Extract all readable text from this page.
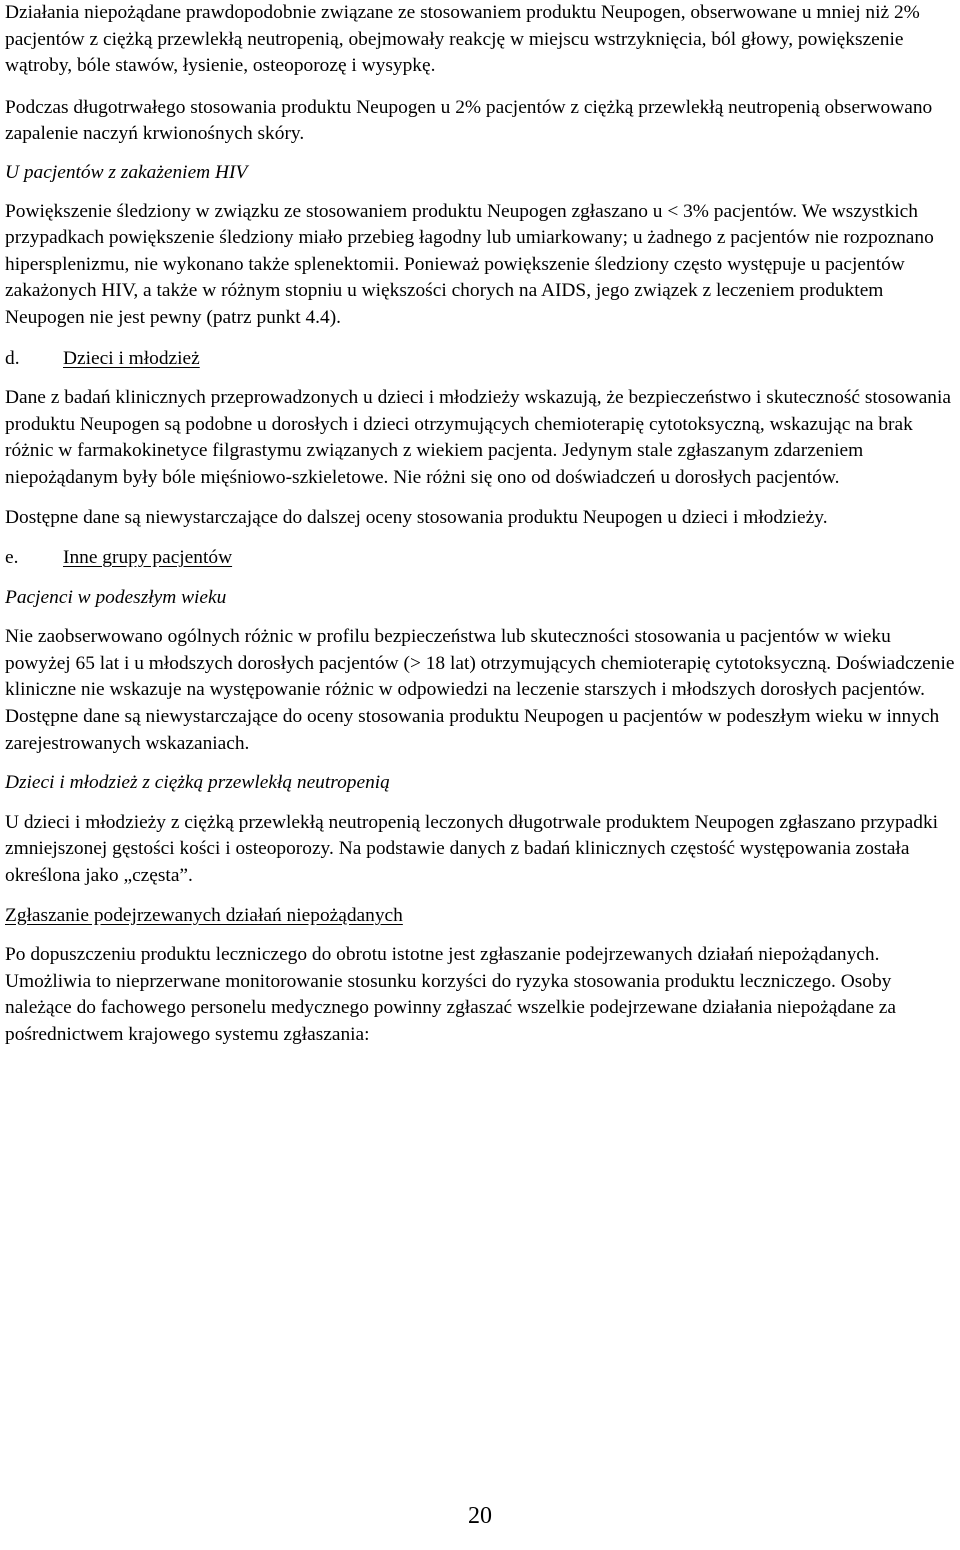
Działania niepożądane prawdopodobnie związane ze stosowaniem produktu Neupogen, obserwowane u mniej niż 2% pacjentów z ciężką przewlekłą neutropenią, obejmowały reakcję w miejscu wstrzyknięcia, ból głowy, powiększenie wątroby, bóle stawów, łysienie, osteoporozę i wysypkę.

Podczas długotrwałego stosowania produktu Neupogen u 2% pacjentów z ciężką przewlekłą neutropenią obserwowano zapalenie naczyń krwionośnych skóry.

U pacjentów z zakażeniem HIV

Powiększenie śledziony w związku ze stosowaniem produktu Neupogen zgłaszano u < 3% pacjentów. We wszystkich przypadkach powiększenie śledziony miało przebieg łagodny lub umiarkowany; u żadnego z pacjentów nie rozpoznano hipersplenizmu, nie wykonano także splenektomii. Ponieważ powiększenie śledziony często występuje u pacjentów zakażonych HIV, a także w różnym stopniu u większości chorych na AIDS, jego związek z leczeniem produktem Neupogen nie jest pewny (patrz punkt 4.4).

d.	Dzieci i młodzież

Dane z badań klinicznych przeprowadzonych u dzieci i młodzieży wskazują, że bezpieczeństwo i skuteczność stosowania produktu Neupogen są podobne u dorosłych i dzieci otrzymujących chemioterapię cytotoksyczną, wskazując na brak różnic w farmakokinetyce filgrastymu związanych z wiekiem pacjenta. Jedynym stale zgłaszanym zdarzeniem niepożądanym były bóle mięśniowo-szkieletowe. Nie różni się ono od doświadczeń u dorosłych pacjentów.

Dostępne dane są niewystarczające do dalszej oceny stosowania produktu Neupogen u dzieci i młodzieży.

e.	Inne grupy pacjentów

Pacjenci w podeszłym wieku

Nie zaobserwowano ogólnych różnic w profilu bezpieczeństwa lub skuteczności stosowania u pacjentów w wieku powyżej 65 lat i u młodszych dorosłych pacjentów (> 18 lat) otrzymujących chemioterapię cytotoksyczną. Doświadczenie kliniczne nie wskazuje na występowanie różnic w odpowiedzi na leczenie starszych i młodszych dorosłych pacjentów. Dostępne dane są niewystarczające do oceny stosowania produktu Neupogen u pacjentów w podeszłym wieku w innych zarejestrowanych wskazaniach.

Dzieci i młodzież z ciężką przewlekłą neutropenią

U dzieci i młodzieży z ciężką przewlekłą neutropenią leczonych długotrwale produktem Neupogen zgłaszano przypadki zmniejszonej gęstości kości i osteoporozy. Na podstawie danych z badań klinicznych częstość występowania została określona jako „częsta”.

Zgłaszanie podejrzewanych działań niepożądanych

Po dopuszczeniu produktu leczniczego do obrotu istotne jest zgłaszanie podejrzewanych działań niepożądanych. Umożliwia to nieprzerwane monitorowanie stosunku korzyści do ryzyka stosowania produktu leczniczego. Osoby należące do fachowego personelu medycznego powinny zgłaszać wszelkie podejrzewane działania niepożądane za pośrednictwem krajowego systemu zgłaszania:

20
